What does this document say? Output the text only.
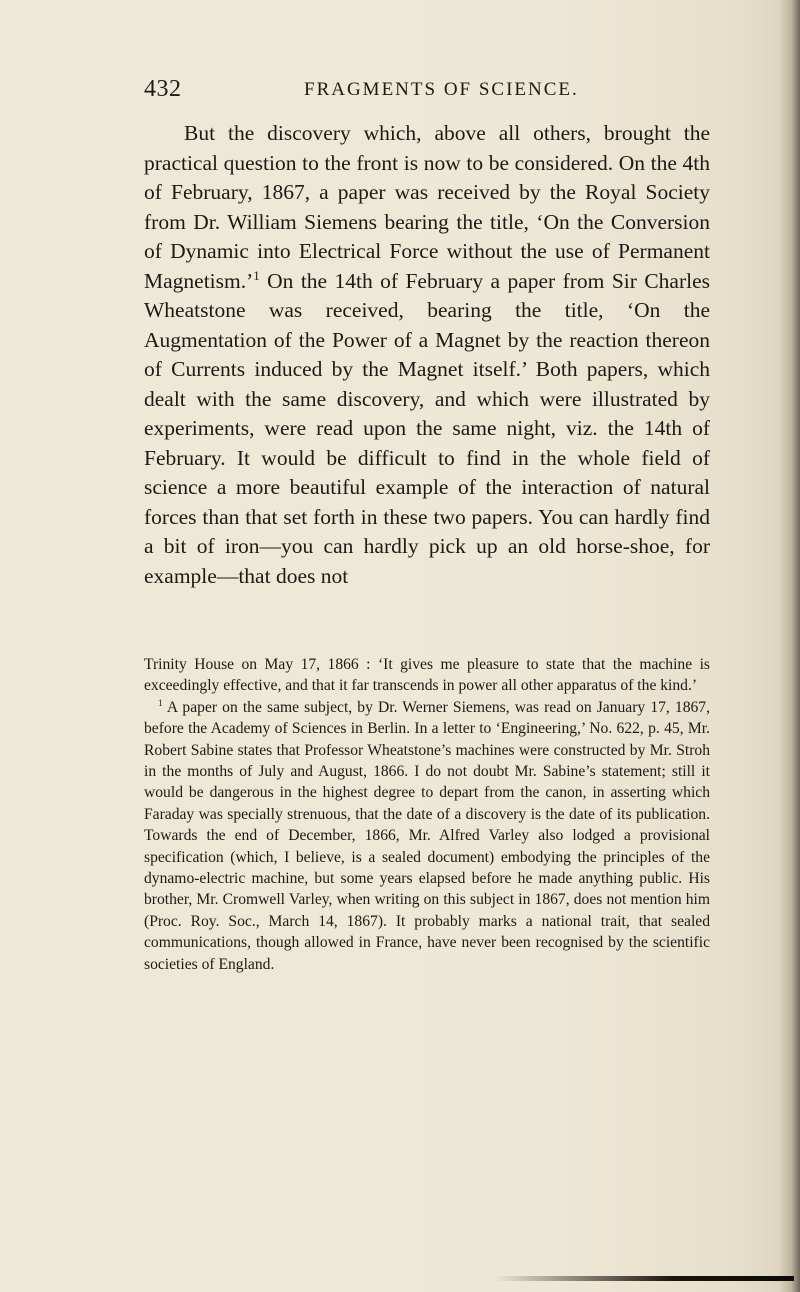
432	FRAGMENTS OF SCIENCE.

But the discovery which, above all others, brought the practical question to the front is now to be considered. On the 4th of February, 1867, a paper was received by the Royal Society from Dr. William Siemens bearing the title, ‘On the Conversion of Dynamic into Electrical Force without the use of Permanent Magnetism.’$^1$ On the 14th of February a paper from Sir Charles Wheatstone was received, bearing the title, ‘On the Augmentation of the Power of a Magnet by the reaction thereon of Currents induced by the Magnet itself.’ Both papers, which dealt with the same discovery, and which were illustrated by experiments, were read upon the same night, viz. the 14th of February. It would be difficult to find in the whole field of science a more beautiful example of the interaction of natural forces than that set forth in these two papers. You can hardly find a bit of iron—you can hardly pick up an old horse-shoe, for example—that does not

Trinity House on May 17, 1866 : ‘It gives me pleasure to state that the machine is exceedingly effective, and that it far transcends in power all other apparatus of the kind.’

$^1$ A paper on the same subject, by Dr. Werner Siemens, was read on January 17, 1867, before the Academy of Sciences in Berlin. In a letter to ‘Engineering,’ No. 622, p. 45, Mr. Robert Sabine states that Professor Wheatstone’s machines were constructed by Mr. Stroh in the months of July and August, 1866. I do not doubt Mr. Sabine’s statement; still it would be dangerous in the highest degree to depart from the canon, in asserting which Faraday was specially strenuous, that the date of a discovery is the date of its publication. Towards the end of December, 1866, Mr. Alfred Varley also lodged a provisional specification (which, I believe, is a sealed document) embodying the principles of the dynamo-electric machine, but some years elapsed before he made anything public. His brother, Mr. Cromwell Varley, when writing on this subject in 1867, does not mention him (Proc. Roy. Soc., March 14, 1867). It probably marks a national trait, that sealed communications, though allowed in France, have never been recognised by the scientific societies of England.
